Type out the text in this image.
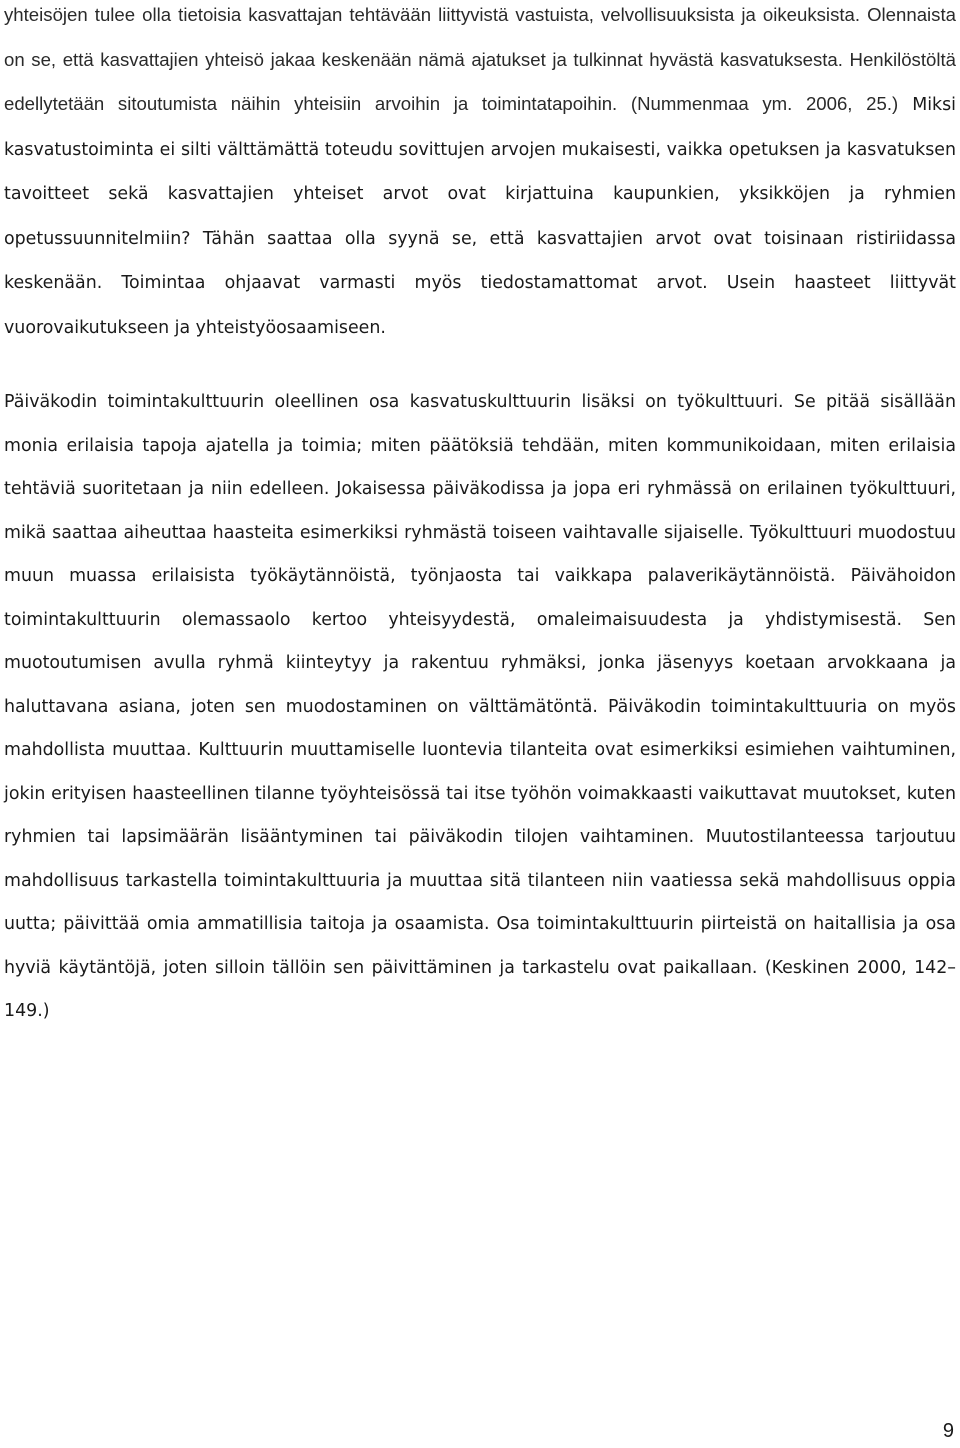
yhteisöjen tulee olla tietoisia kasvattajan tehtävään liittyvistä vastuista, velvollisuuksista ja oikeuksista. Olennaista on se, että kasvattajien yhteisö jakaa keskenään nämä ajatukset ja tulkinnat hyvästä kasvatuksesta. Henkilöstöltä edellytetään sitoutumista näihin yhteisiin arvoihin ja toimintatapoihin. (Nummenmaa ym. 2006, 25.) Miksi kasvatustoiminta ei silti välttämättä toteudu sovittujen arvojen mukaisesti, vaikka opetuksen ja kasvatuksen tavoitteet sekä kasvattajien yhteiset arvot ovat kirjattuina kaupunkien, yksikköjen ja ryhmien opetussuunnitelmiin? Tähän saattaa olla syynä se, että kasvattajien arvot ovat toisinaan ristiriidassa keskenään. Toimintaa ohjaavat varmasti myös tiedostamattomat arvot. Usein haasteet liittyvät vuorovaikutukseen ja yhteistyöosaamiseen.

Päiväkodin toimintakulttuurin oleellinen osa kasvatuskulttuurin lisäksi on työkulttuuri. Se pitää sisällään monia erilaisia tapoja ajatella ja toimia; miten päätöksiä tehdään, miten kommunikoidaan, miten erilaisia tehtäviä suoritetaan ja niin edelleen. Jokaisessa päiväkodissa ja jopa eri ryhmässä on erilainen työkulttuuri, mikä saattaa aiheuttaa haasteita esimerkiksi ryhmästä toiseen vaihtavalle sijaiselle. Työkulttuuri muodostuu muun muassa erilaisista työkäytännöistä, työnjaosta tai vaikkapa palaverikäytännöistä. Päivähoidon toimintakulttuurin olemassaolo kertoo yhteisyydestä, omaleimaisuudesta ja yhdistymisestä. Sen muotoutumisen avulla ryhmä kiinteytyy ja rakentuu ryhmäksi, jonka jäsenyys koetaan arvokkaana ja haluttavana asiana, joten sen muodostaminen on välttämätöntä. Päiväkodin toimintakulttuuria on myös mahdollista muuttaa. Kulttuurin muuttamiselle luontevia tilanteita ovat esimerkiksi esimiehen vaihtuminen, jokin erityisen haasteellinen tilanne työyhteisössä tai itse työhön voimakkaasti vaikuttavat muutokset, kuten ryhmien tai lapsimäärän lisääntyminen tai päiväkodin tilojen vaihtaminen. Muutostilanteessa tarjoutuu mahdollisuus tarkastella toimintakulttuuria ja muuttaa sitä tilanteen niin vaatiessa sekä mahdollisuus oppia uutta; päivittää omia ammatillisia taitoja ja osaamista. Osa toimintakulttuurin piirteistä on haitallisia ja osa hyviä käytäntöjä, joten silloin tällöin sen päivittäminen ja tarkastelu ovat paikallaan. (Keskinen 2000, 142–149.)

9
